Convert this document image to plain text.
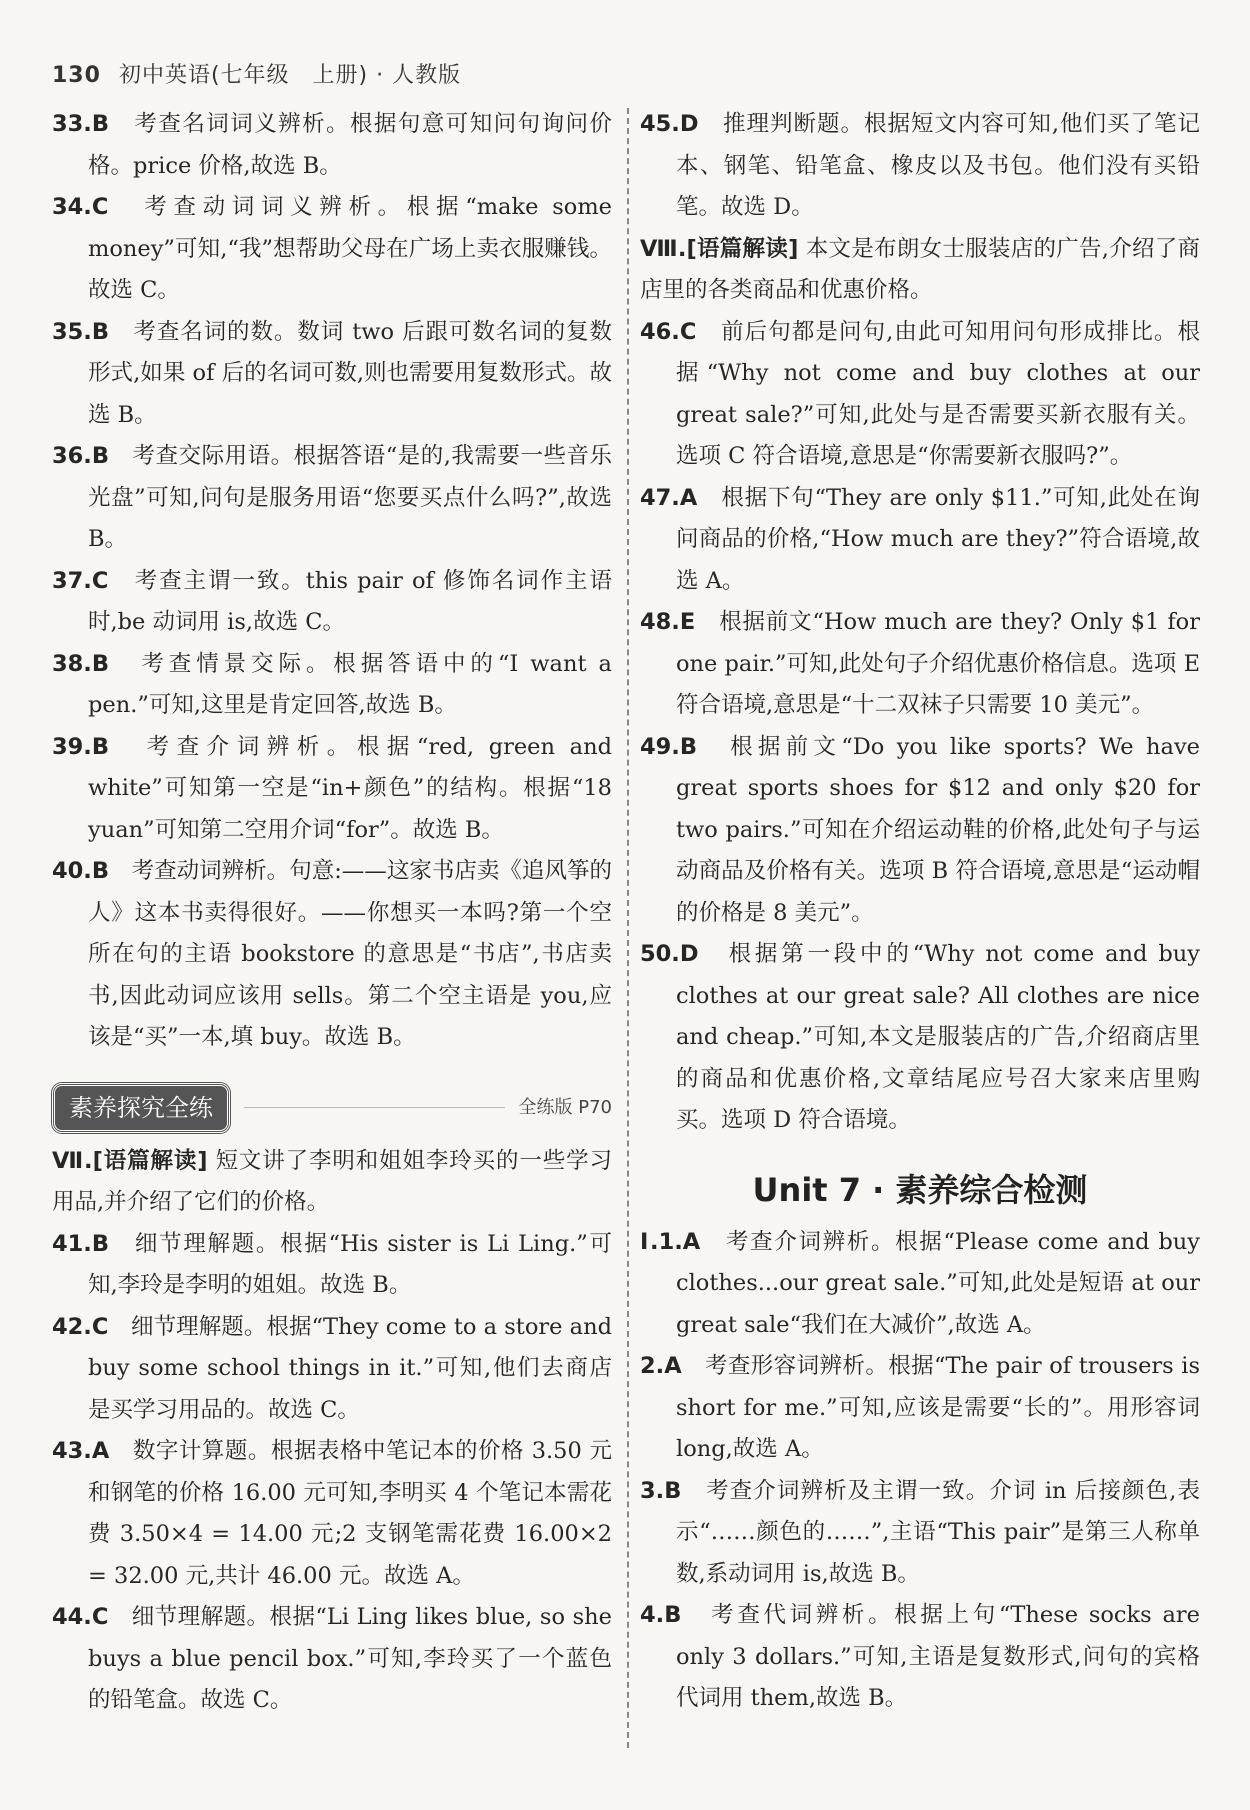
130 初中英语(七年级　上册) · 人教版

33.B　 考查名词词义辨析。根据句意可知问句询问价格。price 价格,故选 B。

34.C　 考查动词词义辨析。根据“make some money”可知,“我”想帮助父母在广场上卖衣服赚钱。故选 C。

35.B　 考查名词的数。数词 two 后跟可数名词的复数形式,如果 of 后的名词可数,则也需要用复数形式。故选 B。

36.B　 考查交际用语。根据答语“是的,我需要一些音乐光盘”可知,问句是服务用语“您要买点什么吗?”,故选 B。

37.C　 考查主谓一致。this pair of 修饰名词作主语时,be 动词用 is,故选 C。

38.B　 考查情景交际。根据答语中的“I want a pen.”可知,这里是肯定回答,故选 B。

39.B　 考查介词辨析。根据“red, green and white”可知第一空是“in+颜色”的结构。根据“18 yuan”可知第二空用介词“for”。故选 B。

40.B　 考查动词辨析。句意:——这家书店卖《追风筝的人》这本书卖得很好。——你想买一本吗?第一个空所在句的主语 bookstore 的意思是“书店”,书店卖书,因此动词应该用 sells。第二个空主语是 you,应该是“买”一本,填 buy。故选 B。

素养探究全练	全练版 P70

Ⅶ.[语篇解读] 短文讲了李明和姐姐李玲买的一些学习用品,并介绍了它们的价格。

41.B　 细节理解题。根据“His sister is Li Ling.”可知,李玲是李明的姐姐。故选 B。

42.C　 细节理解题。根据“They come to a store and buy some school things in it.”可知,他们去商店是买学习用品的。故选 C。

43.A　 数字计算题。根据表格中笔记本的价格 3.50 元和钢笔的价格 16.00 元可知,李明买 4 个笔记本需花费 3.50×4 = 14.00 元;2 支钢笔需花费 16.00×2 = 32.00 元,共计 46.00 元。故选 A。

44.C　 细节理解题。根据“Li Ling likes blue, so she buys a blue pencil box.”可知,李玲买了一个蓝色的铅笔盒。故选 C。

45.D　 推理判断题。根据短文内容可知,他们买了笔记本、钢笔、铅笔盒、橡皮以及书包。他们没有买铅笔。故选 D。

Ⅷ.[语篇解读] 本文是布朗女士服装店的广告,介绍了商店里的各类商品和优惠价格。

46.C　 前后句都是问句,由此可知用问句形成排比。根据“Why not come and buy clothes at our great sale?”可知,此处与是否需要买新衣服有关。选项 C 符合语境,意思是“你需要新衣服吗?”。

47.A　 根据下句“They are only $11.”可知,此处在询问商品的价格,“How much are they?”符合语境,故选 A。

48.E　 根据前文“How much are they? Only $1 for one pair.”可知,此处句子介绍优惠价格信息。选项 E 符合语境,意思是“十二双袜子只需要 10 美元”。

49.B　 根据前文“Do you like sports? We have great sports shoes for $12 and only $20 for two pairs.”可知在介绍运动鞋的价格,此处句子与运动商品及价格有关。选项 B 符合语境,意思是“运动帽的价格是 8 美元”。

50.D　 根据第一段中的“Why not come and buy clothes at our great sale? All clothes are nice and cheap.”可知,本文是服装店的广告,介绍商店里的商品和优惠价格,文章结尾应号召大家来店里购买。选项 D 符合语境。

Unit 7 · 素养综合检测

Ⅰ.1.A　 考查介词辨析。根据“Please come and buy clothes...our great sale.”可知,此处是短语 at our great sale“我们在大减价”,故选 A。

2.A　 考查形容词辨析。根据“The pair of trousers is short for me.”可知,应该是需要“长的”。用形容词 long,故选 A。

3.B　 考查介词辨析及主谓一致。介词 in 后接颜色,表示“……颜色的……”,主语“This pair”是第三人称单数,系动词用 is,故选 B。

4.B　 考查代词辨析。根据上句“These socks are only 3 dollars.”可知,主语是复数形式,问句的宾格代词用 them,故选 B。
